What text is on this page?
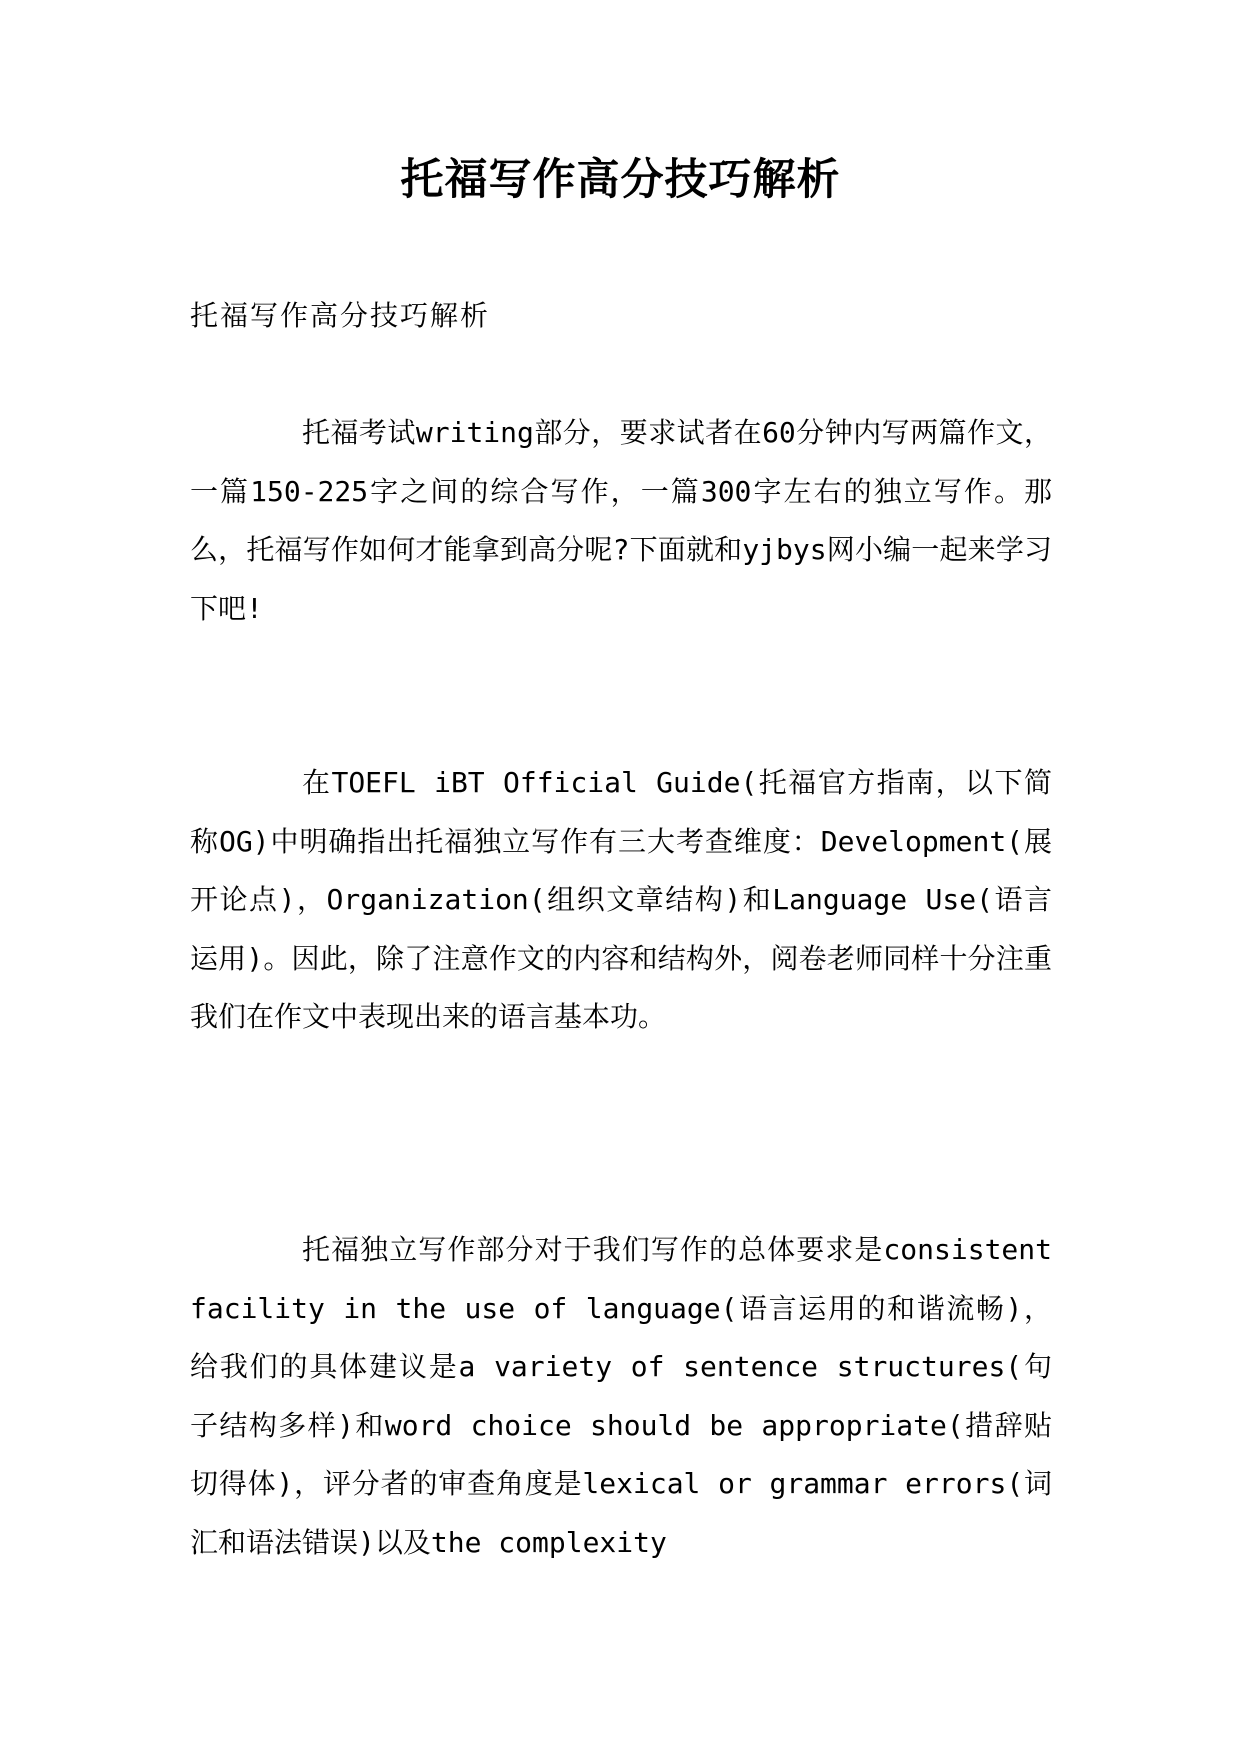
托福写作高分技巧解析
托福写作高分技巧解析

托福考试writing部分，要求试者在60分钟内写两篇作文，一篇150-225字之间的综合写作，一篇300字左右的独立写作。那么，托福写作如何才能拿到高分呢?下面就和yjbys网小编一起来学习下吧!

在TOEFL iBT Official Guide(托福官方指南，以下简称OG)中明确指出托福独立写作有三大考查维度：Development(展开论点)，Organization(组织文章结构)和Language Use(语言运用)。因此，除了注意作文的内容和结构外，阅卷老师同样十分注重我们在作文中表现出来的语言基本功。

托福独立写作部分对于我们写作的总体要求是consistent facility in the use of language(语言运用的和谐流畅)，给我们的具体建议是a variety of sentence structures(句子结构多样)和word choice should be appropriate(措辞贴切得体)，评分者的审查角度是lexical or grammar errors(词汇和语法错误)以及the complexity
